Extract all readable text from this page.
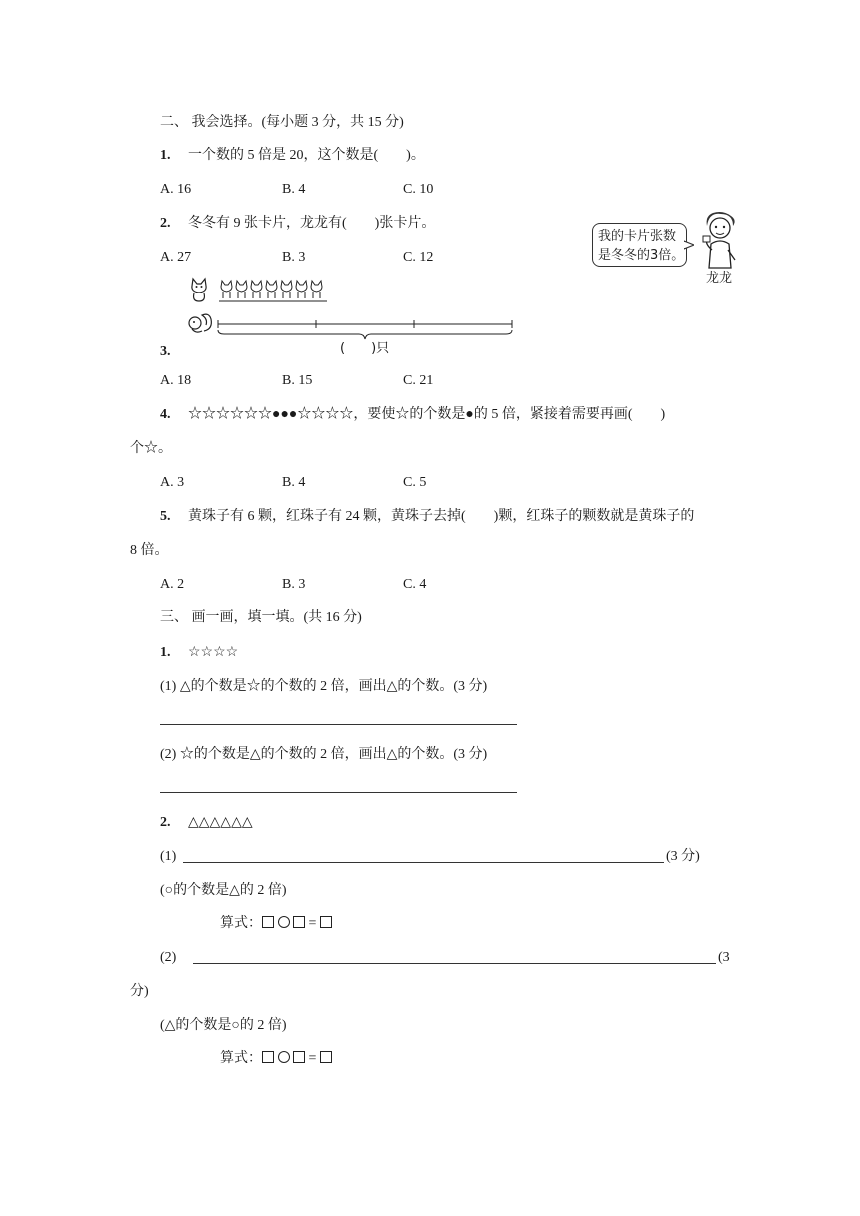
二、 我会选择。(每小题 3 分，共 15 分)
1. 一个数的 5 倍是 20，这个数是(　　)。
A. 16	B. 4	C. 10
2. 冬冬有 9 张卡片，龙龙有(　　)张卡片。
A. 27	B. 3	C. 12
我的卡片张数
是冬冬的3倍。
龙龙
3.	(　　)只
A. 18	B. 15	C. 21
4. ☆☆☆☆☆☆●●●☆☆☆☆，要使☆的个数是●的 5 倍，紧接着需要再画(　　)
个☆。
A. 3	B. 4	C. 5
5. 黄珠子有 6 颗，红珠子有 24 颗，黄珠子去掉(　　)颗，红珠子的颗数就是黄珠子的
8 倍。
A. 2	B. 3	C. 4
三、 画一画，填一填。(共 16 分)
1. ☆☆☆☆
(1) △的个数是☆的个数的 2 倍，画出△的个数。(3 分)
(2) ☆的个数是△的个数的 2 倍，画出△的个数。(3 分)
2. △△△△△△
(1)	(3 分)
(○的个数是△的 2 倍)
算式：	=
(2)	(3
分)
(△的个数是○的 2 倍)
算式：	=
